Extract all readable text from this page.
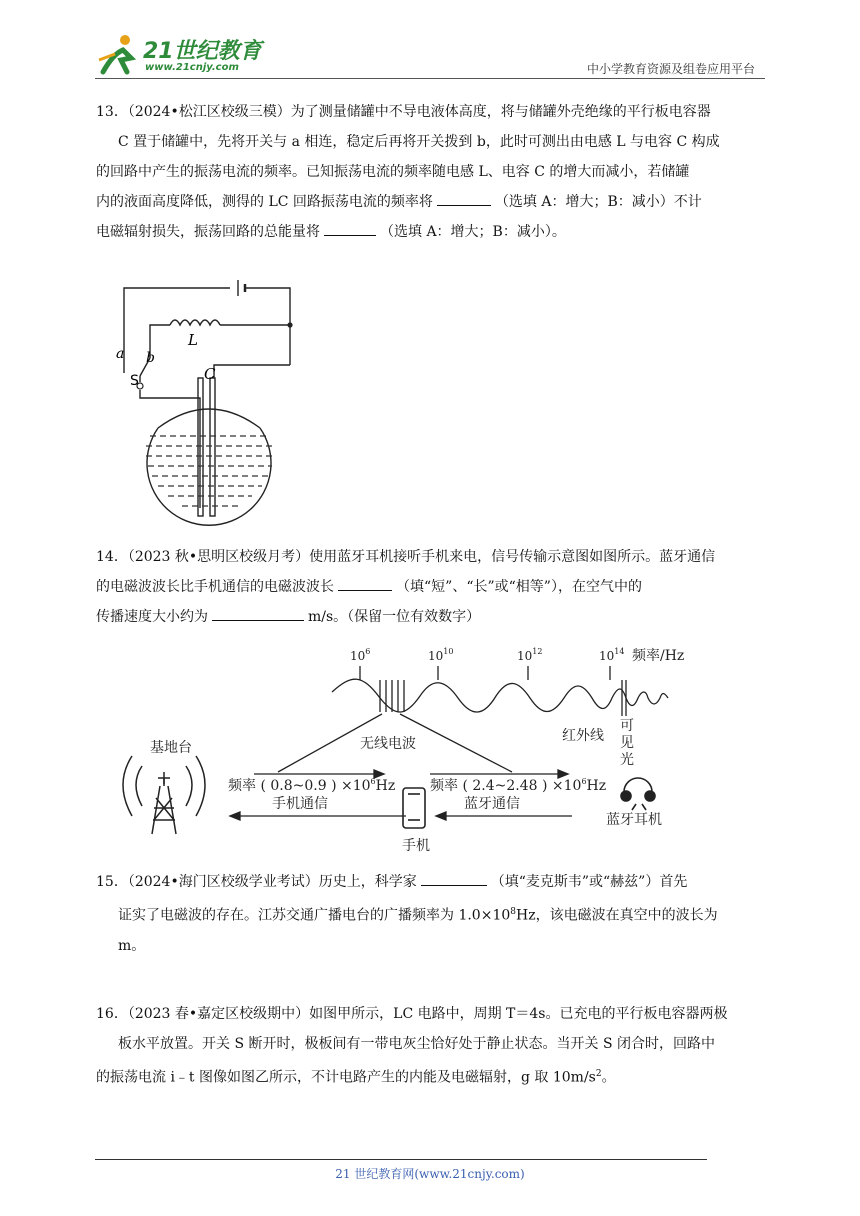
21世纪教育
www.21cnjy.com	中小学教育资源及组卷应用平台
13．（2024•松江区校级三模）为了测量储罐中不导电液体高度，将与储罐外壳绝缘的平行板电容器
C 置于储罐中，先将开关与 a 相连，稳定后再将开关拨到 b，此时可测出由电感 L 与电容 C 构成
的回路中产生的振荡电流的频率。已知振荡电流的频率随电感 L、电容 C 的增大而减小，若储罐
内的液面高度降低，测得的 LC 回路振荡电流的频率将	（选填 A：增大；B：减小）不计
电磁辐射损失，振荡回路的总能量将	（选填 A：增大；B：减小）。
a b
S
L
C
14．（2023 秋•思明区校级月考）使用蓝牙耳机接听手机来电，信号传输示意图如图所示。蓝牙通信
的电磁波波长比手机通信的电磁波波长	（填“短”、“长”或“相等”），在空气中的
传播速度大小约为	m/s。（保留一位有效数字）
$10^6$	$10^{10}$	$10^{12}$	$10^{14}$ 频率/Hz
基地台	无线电波	红外线
可
见
光
频率 ( 0.8~0.9 ) $\times 10^6Hz$
手机通信
频率 ( 2.4~2.48 ) $\times 10^6Hz$
蓝牙通信
手机
蓝牙耳机
15．（2024•海门区校级学业考试）历史上，科学家	（填“麦克斯韦”或“赫兹”）首先
证实了电磁波的存在。江苏交通广播电台的广播频率为 $1.0\times 10^8Hz$，该电磁波在真空中的波长为
m。
16．（2023 春•嘉定区校级期中）如图甲所示，LC 电路中，周期 T＝4s。已充电的平行板电容器两极
板水平放置。开关 S 断开时，极板间有一带电灰尘恰好处于静止状态。当开关 S 闭合时，回路中
的振荡电流 i﹣t 图像如图乙所示，不计电路产生的内能及电磁辐射，g 取 $10m/s^2$。
21 世纪教育网(www.21cnjy.com)
